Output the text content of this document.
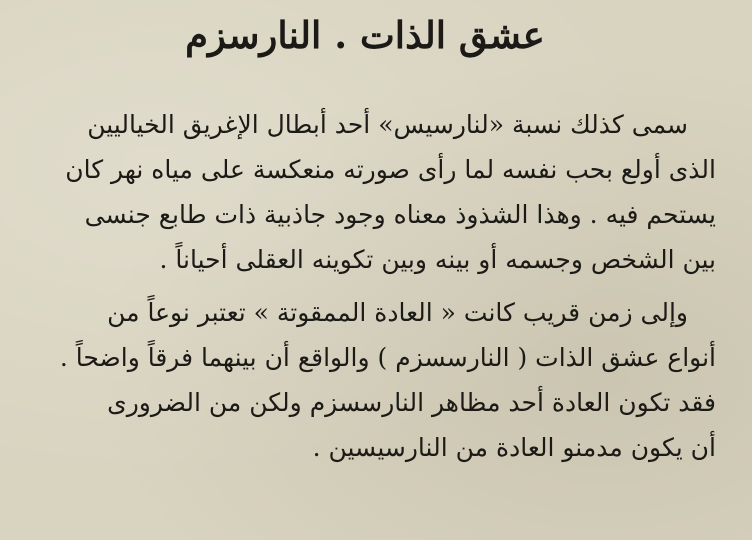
عشق الذات . النارسزم

سمى كذلك نسبة «لنارسيس» أحد أبطال الإغريق الخياليين
الذى أولع بحب نفسه لما رأى صورته منعكسة على مياه نهر كان
يستحم فيه . وهذا الشذوذ معناه وجود جاذبية ذات طابع جنسى
بين الشخص وجسمه أو بينه وبين تكوينه العقلى أحياناً .

وإلى زمن قريب كانت « العادة الممقوتة » تعتبر نوعاً من
أنواع عشق الذات ( النارسسزم ) والواقع أن بينهما فرقاً واضحاً .
فقد تكون العادة أحد مظاهر النارسسزم ولكن من الضرورى
أن يكون مدمنو العادة من النارسيسين .
